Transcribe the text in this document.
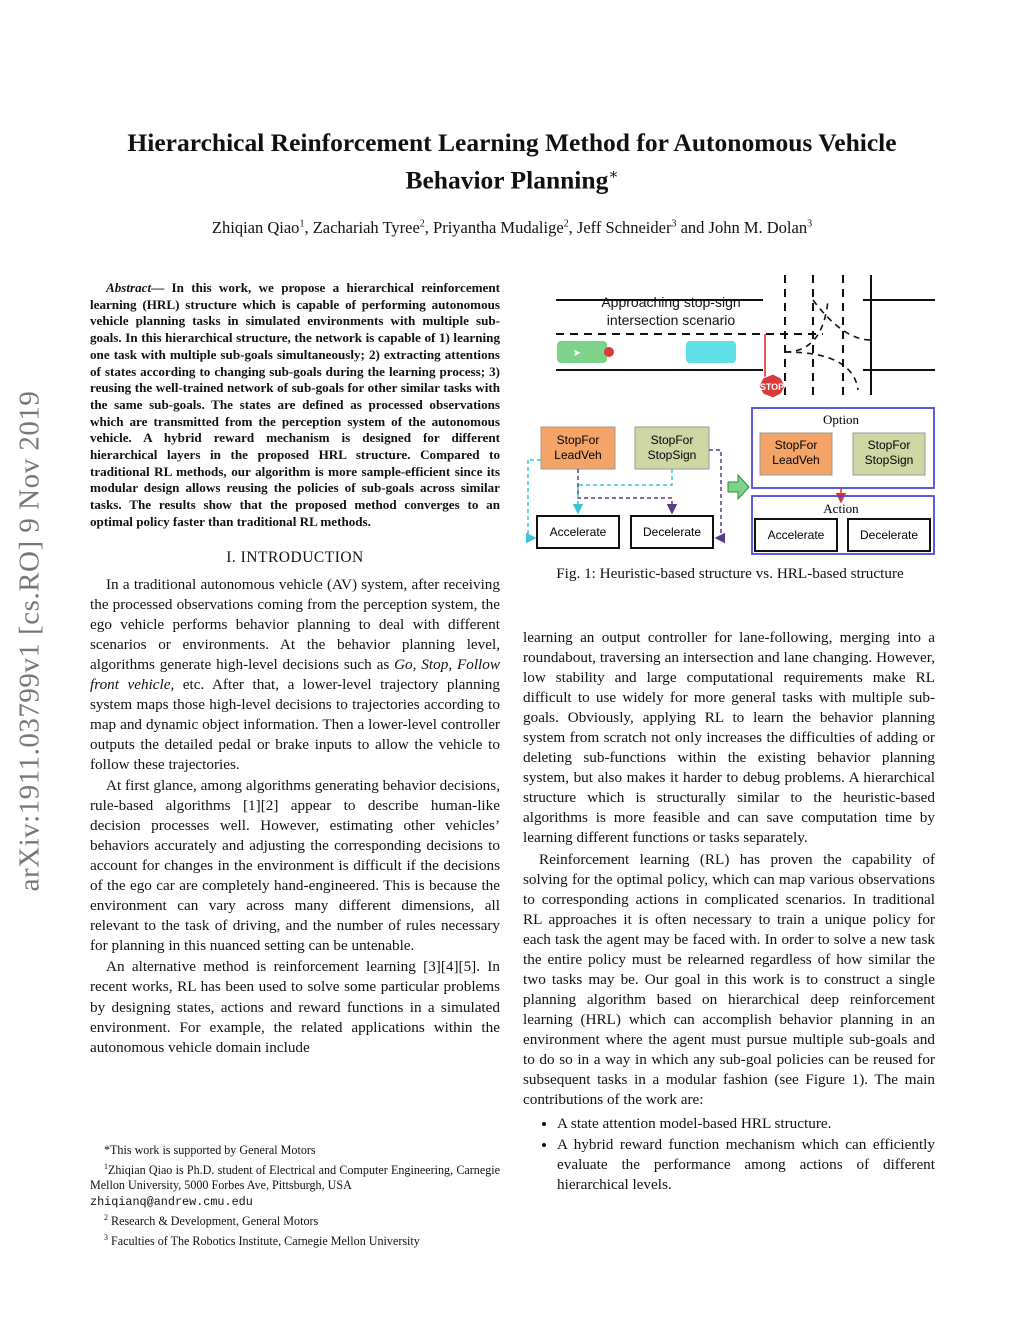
arXiv:1911.03799v1 [cs.RO] 9 Nov 2019
Hierarchical Reinforcement Learning Method for Autonomous Vehicle
Behavior Planning∗
Zhiqian Qiao$^1$, Zachariah Tyree$^2$, Priyantha Mudalige$^2$, Jeff Schneider$^3$ and John M. Dolan$^3$

Abstract— In this work, we propose a hierarchical reinforcement learning (HRL) structure which is capable of performing autonomous vehicle planning tasks in simulated environments with multiple sub-goals. In this hierarchical structure, the network is capable of 1) learning one task with multiple sub-goals simultaneously; 2) extracting attentions of states according to changing sub-goals during the learning process; 3) reusing the well-trained network of sub-goals for other similar tasks with the same sub-goals. The states are defined as processed observations which are transmitted from the perception system of the autonomous vehicle. A hybrid reward mechanism is designed for different hierarchical layers in the proposed HRL structure. Compared to traditional RL methods, our algorithm is more sample-efficient since its modular design allows reusing the policies of sub-goals across similar tasks. The results show that the proposed method converges to an optimal policy faster than traditional RL methods.

I. INTRODUCTION

In a traditional autonomous vehicle (AV) system, after receiving the processed observations coming from the perception system, the ego vehicle performs behavior planning to deal with different scenarios or environments. At the behavior planning level, algorithms generate high-level decisions such as Go, Stop, Follow front vehicle, etc. After that, a lower-level trajectory planning system maps those high-level decisions to trajectories according to map and dynamic object information. Then a lower-level controller outputs the detailed pedal or brake inputs to allow the vehicle to follow these trajectories.

At first glance, among algorithms generating behavior decisions, rule-based algorithms [1][2] appear to describe human-like decision processes well. However, estimating other vehicles’ behaviors accurately and adjusting the corresponding decisions to account for changes in the environment is difficult if the decisions of the ego car are completely hand-engineered. This is because the environment can vary across many different dimensions, all relevant to the task of driving, and the number of rules necessary for planning in this nuanced setting can be untenable.

An alternative method is reinforcement learning [3][4][5]. In recent works, RL has been used to solve some particular problems by designing states, actions and reward functions in a simulated environment. For example, the related applications within the autonomous vehicle domain include

*This work is supported by General Motors

$^1$Zhiqian Qiao is Ph.D. student of Electrical and Computer Engineering, Carnegie Mellon University, 5000 Forbes Ave, Pittsburgh, USA
zhiqianq@andrew.cmu.edu

$^2$ Research & Development, General Motors

$^3$ Faculties of The Robotics Institute, Carnegie Mellon University

Approaching stop-sign
intersection scenario
➤
STOP
StopFor
LeadVeh
StopFor
StopSign
Accelerate	Decelerate
Option
StopFor
LeadVeh
StopFor
StopSign
Action
Accelerate	Decelerate
Fig. 1: Heuristic-based structure vs. HRL-based structure

learning an output controller for lane-following, merging into a roundabout, traversing an intersection and lane changing. However, low stability and large computational requirements make RL difficult to use widely for more general tasks with multiple sub-goals. Obviously, applying RL to learn the behavior planning system from scratch not only increases the difficulties of adding or deleting sub-functions within the existing behavior planning system, but also makes it harder to debug problems. A hierarchical structure which is structurally similar to the heuristic-based algorithms is more feasible and can save computation time by learning different functions or tasks separately.

Reinforcement learning (RL) has proven the capability of solving for the optimal policy, which can map various observations to corresponding actions in complicated scenarios. In traditional RL approaches it is often necessary to train a unique policy for each task the agent may be faced with. In order to solve a new task the entire policy must be relearned regardless of how similar the two tasks may be. Our goal in this work is to construct a single planning algorithm based on hierarchical deep reinforcement learning (HRL) which can accomplish behavior planning in an environment where the agent must pursue multiple sub-goals and to do so in a way in which any sub-goal policies can be reused for subsequent tasks in a modular fashion (see Figure 1). The main contributions of the work are:

• A state attention model-based HRL structure.
• A hybrid reward function mechanism which can efficiently evaluate the performance among actions of different hierarchical levels.
